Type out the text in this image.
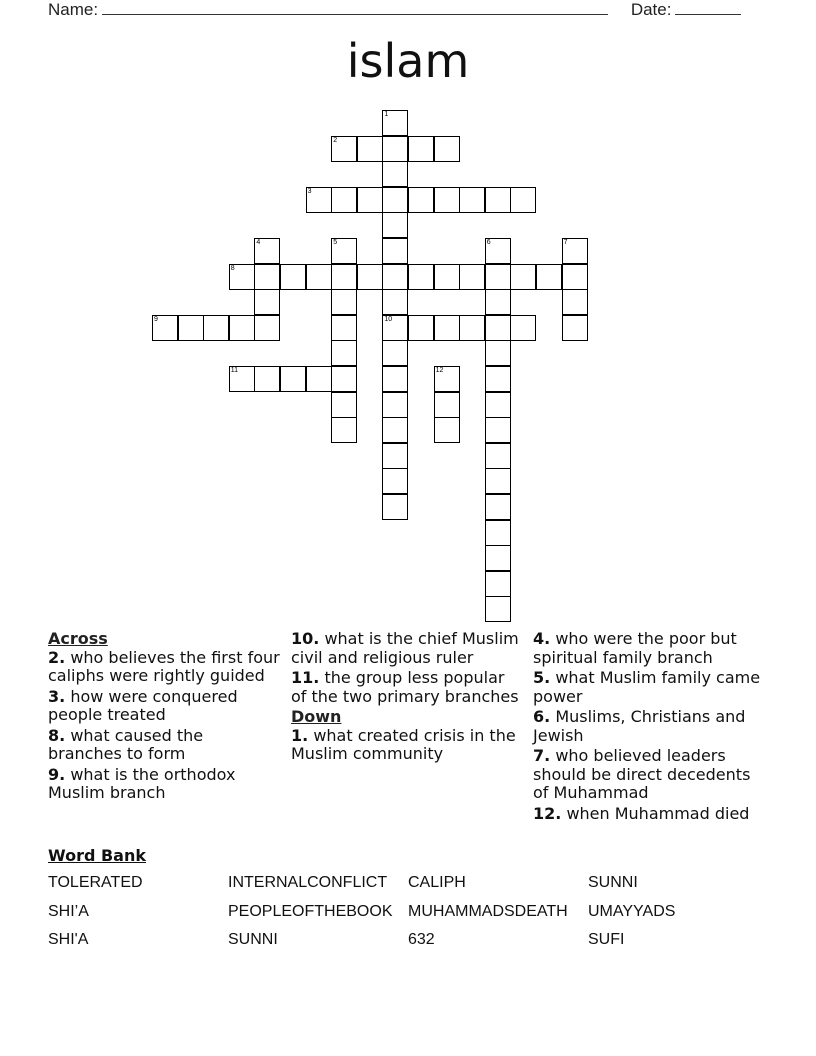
Name:	Date:
islam
1
10
2
3
4	5	6	7
8
9
11	12
Across
2. who believes the first four caliphs were rightly guided
3. how were conquered people treated
8. what caused the branches to form
9. what is the orthodox Muslim branch
10. what is the chief Muslim civil and religious ruler
11. the group less popular of the two primary branches
Down
1. what created crisis in the Muslim community
4. who were the poor but spiritual family branch
5. what Muslim family came power
6. Muslims, Christians and Jewish
7. who believed leaders should be direct decedents of Muhammad
12. when Muhammad died
Word Bank
TOLERATED	INTERNALCONFLICT CALIPH	SUNNI
SHI’A	PEOPLEOFTHEBOOK MUHAMMADSDEATH UMAYYADS
SHI'A	SUNNI	632	SUFI
